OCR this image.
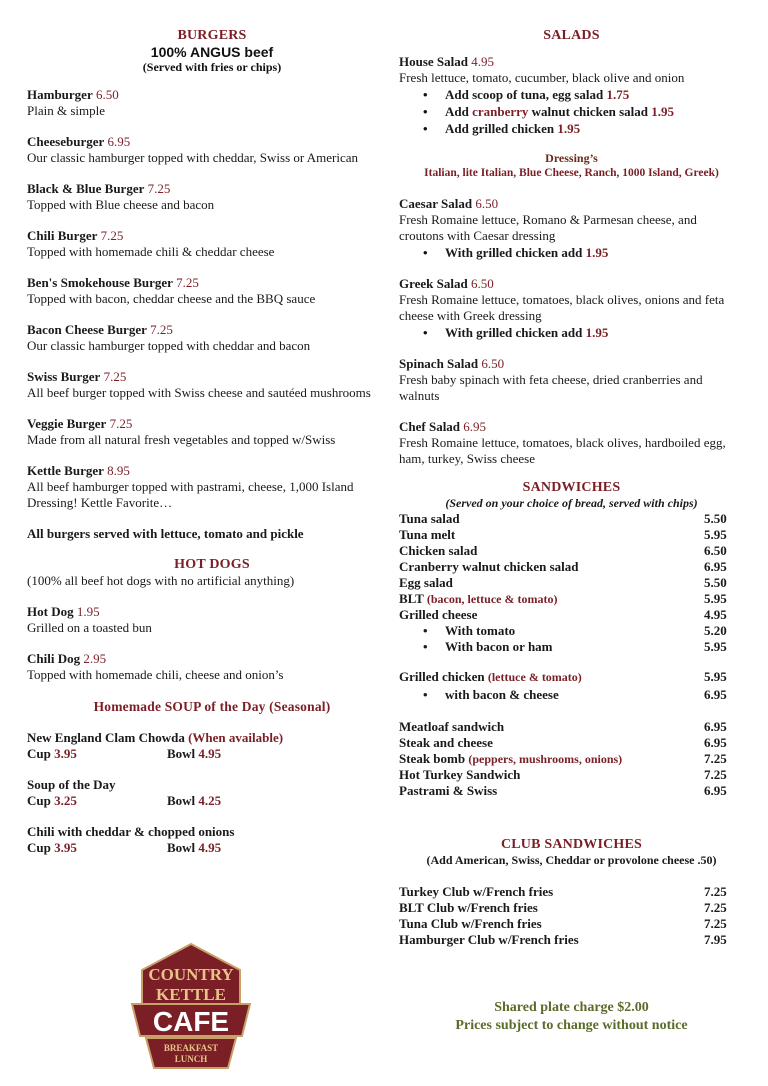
BURGERS
100% ANGUS beef
(Served with fries or chips)
Hamburger 6.50
Plain & simple
Cheeseburger 6.95
Our classic hamburger topped with cheddar, Swiss or American
Black & Blue Burger 7.25
Topped with Blue cheese and bacon
Chili Burger 7.25
Topped with homemade chili & cheddar cheese
Ben's Smokehouse Burger 7.25
Topped with bacon, cheddar cheese and the BBQ sauce
Bacon Cheese Burger 7.25
Our classic hamburger topped with cheddar and bacon
Swiss Burger 7.25
All beef burger topped with Swiss cheese and sautéed mushrooms
Veggie Burger 7.25
Made from all natural fresh vegetables and topped w/Swiss
Kettle Burger 8.95
All beef hamburger topped with pastrami, cheese, 1,000 Island Dressing! Kettle Favorite…
All burgers served with lettuce, tomato and pickle
HOT DOGS
(100% all beef hot dogs with no artificial anything)
Hot Dog 1.95
Grilled on a toasted bun
Chili Dog 2.95
Topped with homemade chili, cheese and onion’s
Homemade SOUP of the Day (Seasonal)
New England Clam Chowda (When available)
Cup 3.95	Bowl 4.95
Soup of the Day
Cup 3.25	Bowl 4.25
Chili with cheddar & chopped onions
Cup 3.95	Bowl 4.95
COUNTRY
KETTLE
CAFE
BREAKFAST
LUNCH
SALADS
House Salad 4.95
Fresh lettuce, tomato, cucumber, black olive and onion
• Add scoop of tuna, egg salad 1.75
• Add cranberry walnut chicken salad 1.95
• Add grilled chicken 1.95
Dressing’s
Italian, lite Italian, Blue Cheese, Ranch, 1000 Island, Greek)
Caesar Salad 6.50
Fresh Romaine lettuce, Romano & Parmesan cheese, and croutons with Caesar dressing
• With grilled chicken add 1.95
Greek Salad 6.50
Fresh Romaine lettuce, tomatoes, black olives, onions and feta cheese with Greek dressing
• With grilled chicken add 1.95
Spinach Salad 6.50
Fresh baby spinach with feta cheese, dried cranberries and walnuts
Chef Salad 6.95
Fresh Romaine lettuce, tomatoes, black olives, hardboiled egg, ham, turkey, Swiss cheese
SANDWICHES
(Served on your choice of bread, served with chips)
Tuna salad	5.50
Tuna melt	5.95
Chicken salad	6.50
Cranberry walnut chicken salad	6.95
Egg salad	5.50
BLT (bacon, lettuce & tomato)	5.95
Grilled cheese	4.95
• With tomato	5.20
• With bacon or ham	5.95
Grilled chicken (lettuce & tomato)	5.95
• with bacon & cheese	6.95
Meatloaf sandwich	6.95
Steak and cheese	6.95
Steak bomb (peppers, mushrooms, onions)	7.25
Hot Turkey Sandwich	7.25
Pastrami & Swiss	6.95
CLUB SANDWICHES
(Add American, Swiss, Cheddar or provolone cheese .50)
Turkey Club w/French fries	7.25
BLT Club w/French fries	7.25
Tuna Club w/French fries	7.25
Hamburger Club w/French fries	7.95
Shared plate charge $2.00
Prices subject to change without notice
